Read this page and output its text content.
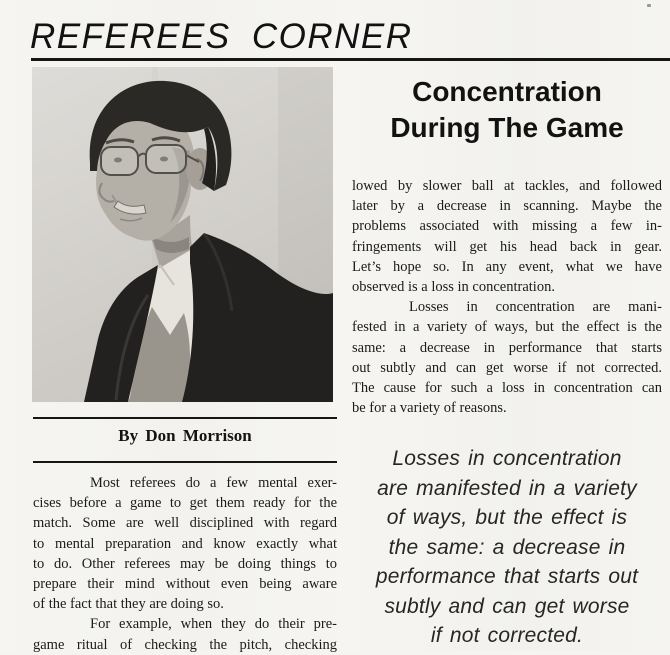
REFEREES CORNER
By Don Morrison
Most referees do a few mental exer-
cises before a game to get them ready for the
match. Some are well disciplined with regard
to mental preparation and know exactly what
to do. Other referees may be doing things to
prepare their mind without even being aware
of the fact that they are doing so.
For example, when they do their pre-
game ritual of checking the pitch, checking
Concentration During The Game
lowed by slower ball at tackles, and followed
later by a decrease in scanning. Maybe the
problems associated with missing a few in-
fringements will get his head back in gear.
Let’s hope so. In any event, what we have
observed is a loss in concentration.
Losses in concentration are mani-
fested in a variety of ways, but the effect is the
same: a decrease in performance that starts
out subtly and can get worse if not corrected.
The cause for such a loss in concentration can
be for a variety of reasons.
Losses in concentration
are manifested in a variety
of ways, but the effect is
the same: a decrease in
performance that starts out
subtly and can get worse
if not corrected.
